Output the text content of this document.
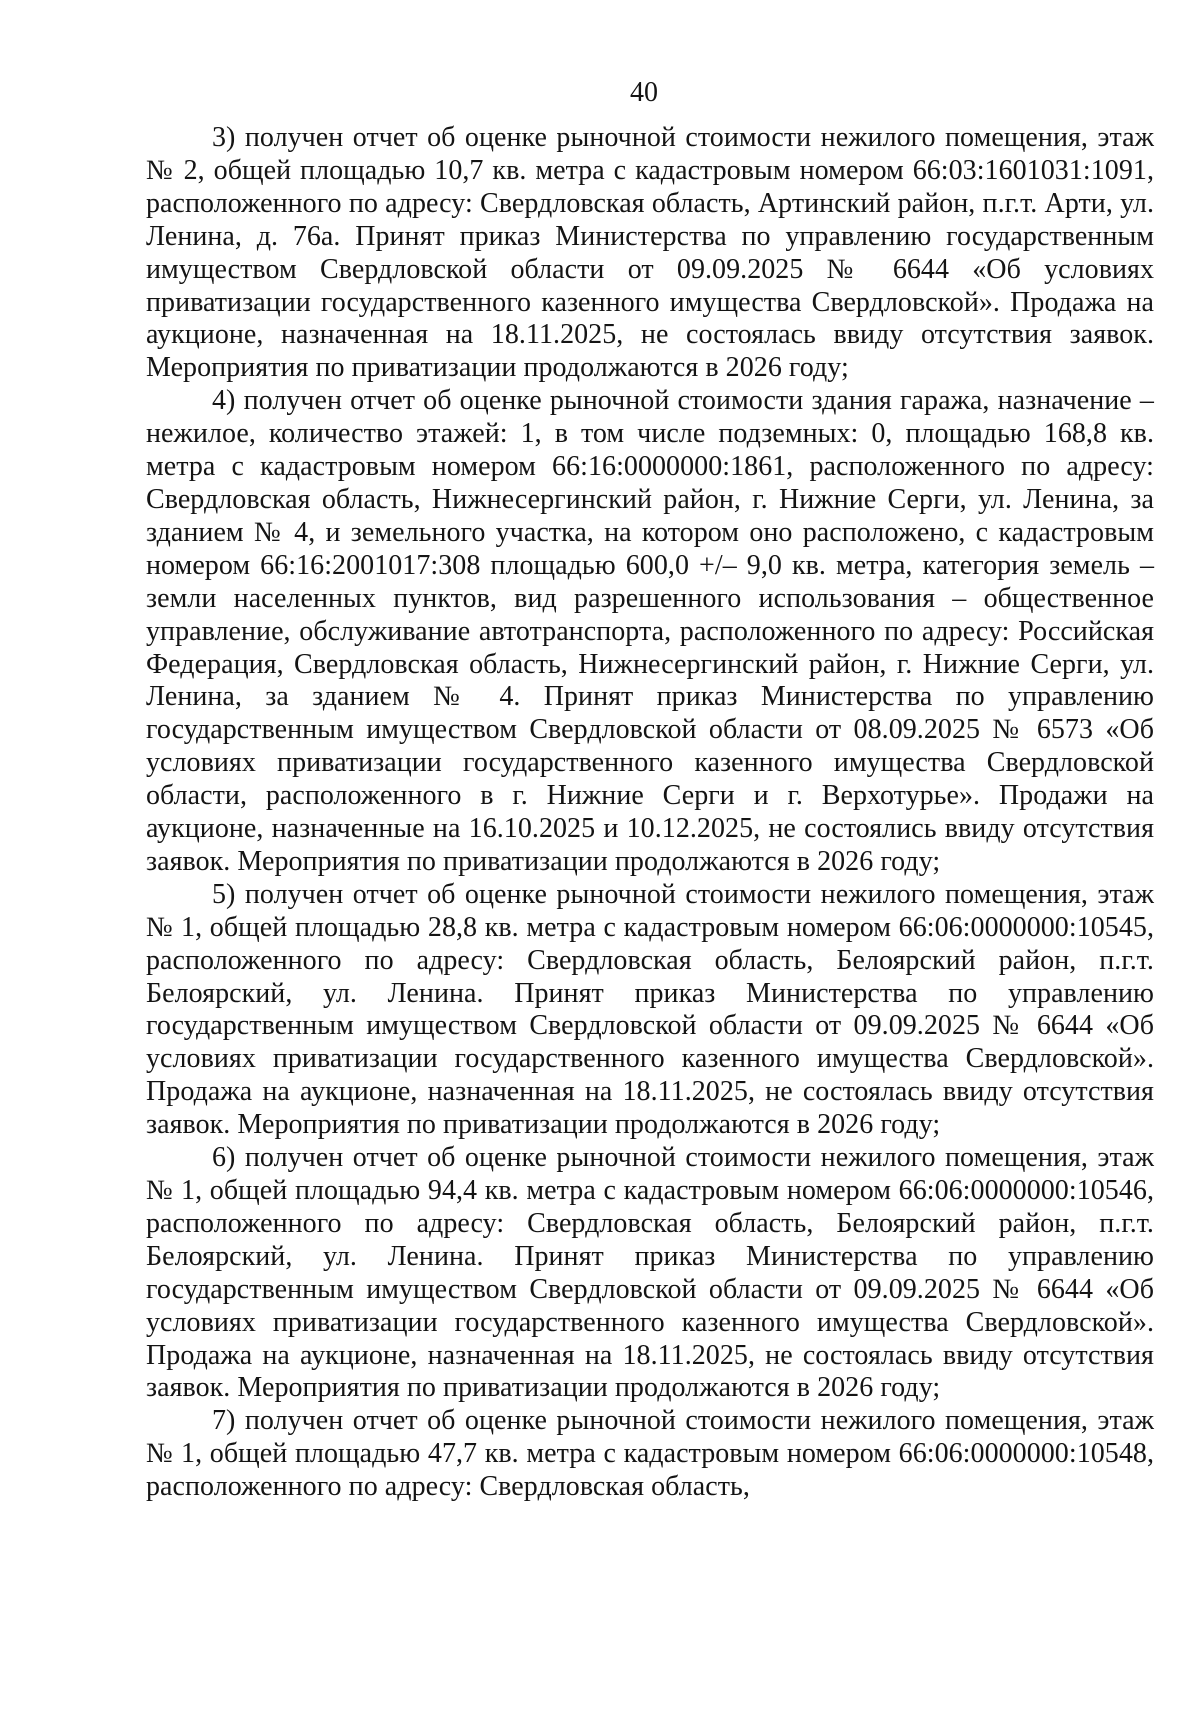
40

3) получен отчет об оценке рыночной стоимости нежилого помещения, этаж № 2, общей площадью 10,7 кв. метра с кадастровым номером 66:03:1601031:1091, расположенного по адресу: Свердловская область, Артинский район, п.г.т. Арти, ул. Ленина, д. 76а. Принят приказ Министерства по управлению государственным имуществом Свердловской области от 09.09.2025 № 6644 «Об условиях приватизации государственного казенного имущества Свердловской». Продажа на аукционе, назначенная на 18.11.2025, не состоялась ввиду отсутствия заявок. Мероприятия по приватизации продолжаются в 2026 году;

4) получен отчет об оценке рыночной стоимости здания гаража, назначение – нежилое, количество этажей: 1, в том числе подземных: 0, площадью 168,8 кв. метра с кадастровым номером 66:16:0000000:1861, расположенного по адресу: Свердловская область, Нижнесергинский район, г. Нижние Серги, ул. Ленина, за зданием № 4, и земельного участка, на котором оно расположено, с кадастровым номером 66:16:2001017:308 площадью 600,0 +/– 9,0 кв. метра, категория земель – земли населенных пунктов, вид разрешенного использования – общественное управление, обслуживание автотранспорта, расположенного по адресу: Российская Федерация, Свердловская область, Нижнесергинский район, г. Нижние Серги, ул. Ленина, за зданием № 4. Принят приказ Министерства по управлению государственным имуществом Свердловской области от 08.09.2025 № 6573 «Об условиях приватизации государственного казенного имущества Свердловской области, расположенного в г. Нижние Серги и г. Верхотурье». Продажи на аукционе, назначенные на 16.10.2025 и 10.12.2025, не состоялись ввиду отсутствия заявок. Мероприятия по приватизации продолжаются в 2026 году;

5) получен отчет об оценке рыночной стоимости нежилого помещения, этаж № 1, общей площадью 28,8 кв. метра с кадастровым номером 66:06:0000000:10545, расположенного по адресу: Свердловская область, Белоярский район, п.г.т. Белоярский, ул. Ленина. Принят приказ Министерства по управлению государственным имуществом Свердловской области от 09.09.2025 № 6644 «Об условиях приватизации государственного казенного имущества Свердловской». Продажа на аукционе, назначенная на 18.11.2025, не состоялась ввиду отсутствия заявок. Мероприятия по приватизации продолжаются в 2026 году;

6) получен отчет об оценке рыночной стоимости нежилого помещения, этаж № 1, общей площадью 94,4 кв. метра с кадастровым номером 66:06:0000000:10546, расположенного по адресу: Свердловская область, Белоярский район, п.г.т. Белоярский, ул. Ленина. Принят приказ Министерства по управлению государственным имуществом Свердловской области от 09.09.2025 № 6644 «Об условиях приватизации государственного казенного имущества Свердловской». Продажа на аукционе, назначенная на 18.11.2025, не состоялась ввиду отсутствия заявок. Мероприятия по приватизации продолжаются в 2026 году;

7) получен отчет об оценке рыночной стоимости нежилого помещения, этаж № 1, общей площадью 47,7 кв. метра с кадастровым номером 66:06:0000000:10548, расположенного по адресу: Свердловская область,
